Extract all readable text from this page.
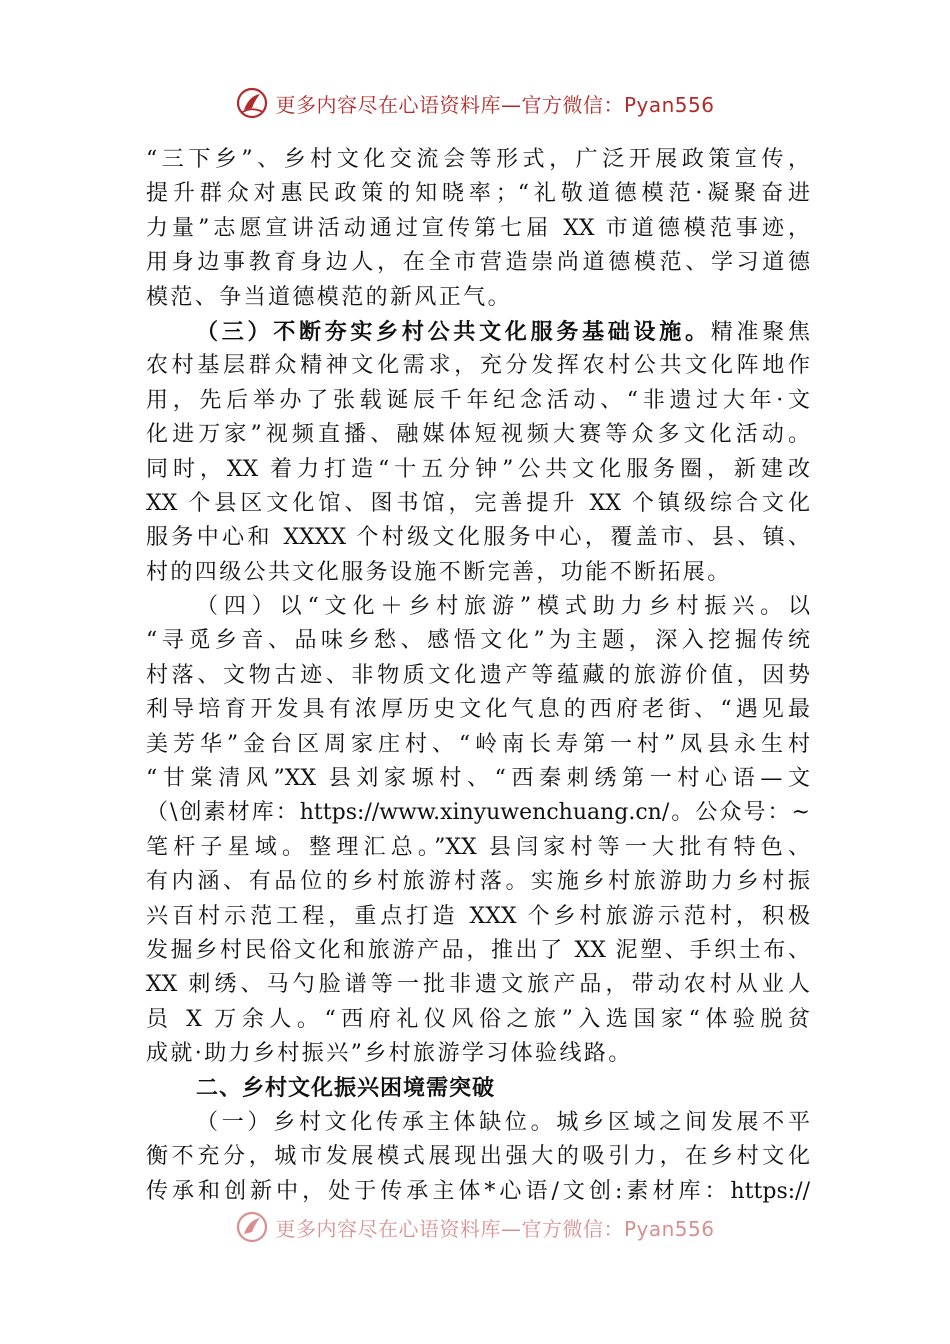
更多内容尽在心语资料库—官方微信：Pyan556
“三下乡”、乡村文化交流会等形式，广泛开展政策宣传，
提升群众对惠民政策的知晓率；“礼敬道德模范·凝聚奋进
力量”志愿宣讲活动通过宣传第七届 XX 市道德模范事迹，
用身边事教育身边人，在全市营造崇尚道德模范、学习道德
模范、争当道德模范的新风正气。
（三）不断夯实乡村公共文化服务基础设施。精准聚焦
农村基层群众精神文化需求，充分发挥农村公共文化阵地作
用，先后举办了张载诞辰千年纪念活动、“非遗过大年·文
化进万家”视频直播、融媒体短视频大赛等众多文化活动。
同时，XX 着力打造“十五分钟”公共文化服务圈，新建改
XX 个县区文化馆、图书馆，完善提升 XX 个镇级综合文化
服务中心和 XXXX 个村级文化服务中心，覆盖市、县、镇、
村的四级公共文化服务设施不断完善，功能不断拓展。
（四）以“文化＋乡村旅游”模式助力乡村振兴。以
“寻觅乡音、品味乡愁、感悟文化”为主题，深入挖掘传统
村落、文物古迹、非物质文化遗产等蕴藏的旅游价值，因势
利导培育开发具有浓厚历史文化气息的西府老街、“遇见最
美芳华”金台区周家庄村、“岭南长寿第一村”凤县永生村
“甘棠清风”XX 县刘家塬村、“西秦刺绣第一村心语—文
（\创素材库：https://www.xinyuwenchuang.cn/。公众号：~
笔杆子星域。整理汇总。”XX 县闫家村等一大批有特色、
有内涵、有品位的乡村旅游村落。实施乡村旅游助力乡村振
兴百村示范工程，重点打造 XXX 个乡村旅游示范村，积极
发掘乡村民俗文化和旅游产品，推出了 XX 泥塑、手织土布、
XX 刺绣、马勺脸谱等一批非遗文旅产品，带动农村从业人
员 X 万余人。“西府礼仪风俗之旅”入选国家“体验脱贫
成就·助力乡村振兴”乡村旅游学习体验线路。
二、乡村文化振兴困境需突破
（一）乡村文化传承主体缺位。城乡区域之间发展不平
衡不充分，城市发展模式展现出强大的吸引力，在乡村文化
传承和创新中，处于传承主体*心语/文创:素材库：https://
更多内容尽在心语资料库—官方微信：Pyan556
